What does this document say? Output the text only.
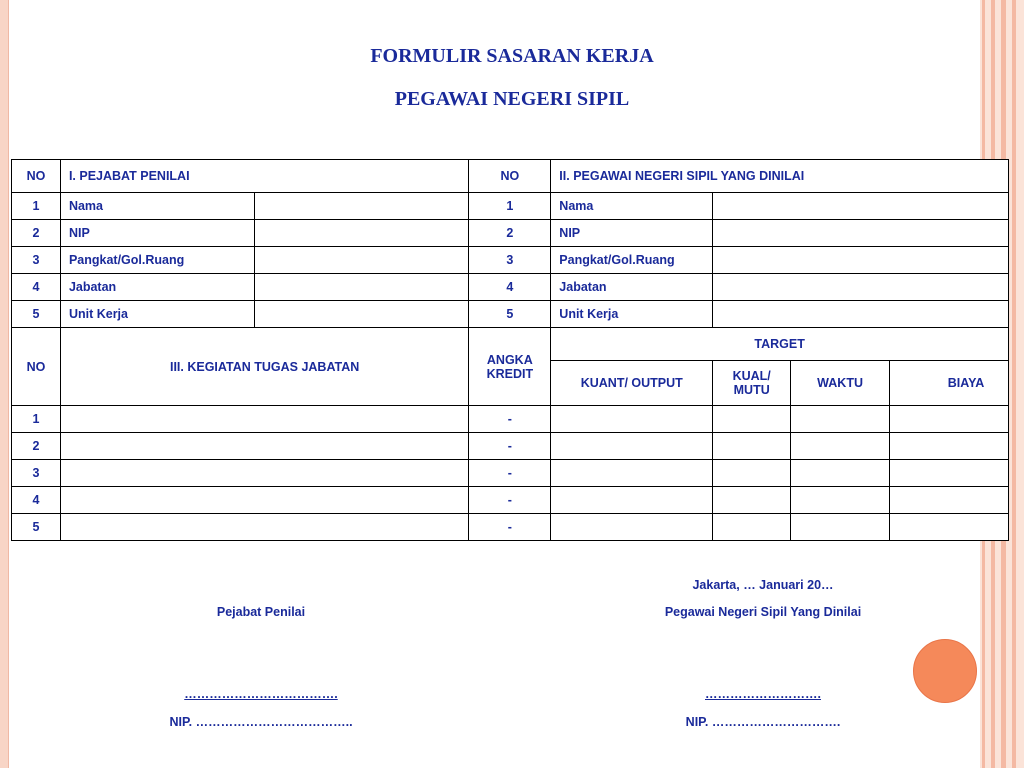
FORMULIR SASARAN KERJA
PEGAWAI NEGERI SIPIL
NO	I. PEJABAT PENILAI		NO	II. PEGAWAI NEGERI SIPIL YANG DINILAI			
1	Nama		1	Nama			
2	NIP		2	NIP			
3	Pangkat/Gol.Ruang		3	Pangkat/Gol.Ruang			
4	Jabatan		4	Jabatan			
5	Unit Kerja		5	Unit Kerja			
NO	III. KEGIATAN TUGAS JABATAN		ANGKA KREDIT	TARGET			
				KUANT/ OUTPUT	KUAL/ MUTU	WAKTU	BIAYA
1			-				
2			-				
3			-				
4			-				
5			-				
Jakarta, … Januari 20…
Pejabat Penilai	Pegawai Negeri Sipil Yang Dinilai
……………………………….	……………………….
NIP. ………………………………..	NIP. ………………………….
